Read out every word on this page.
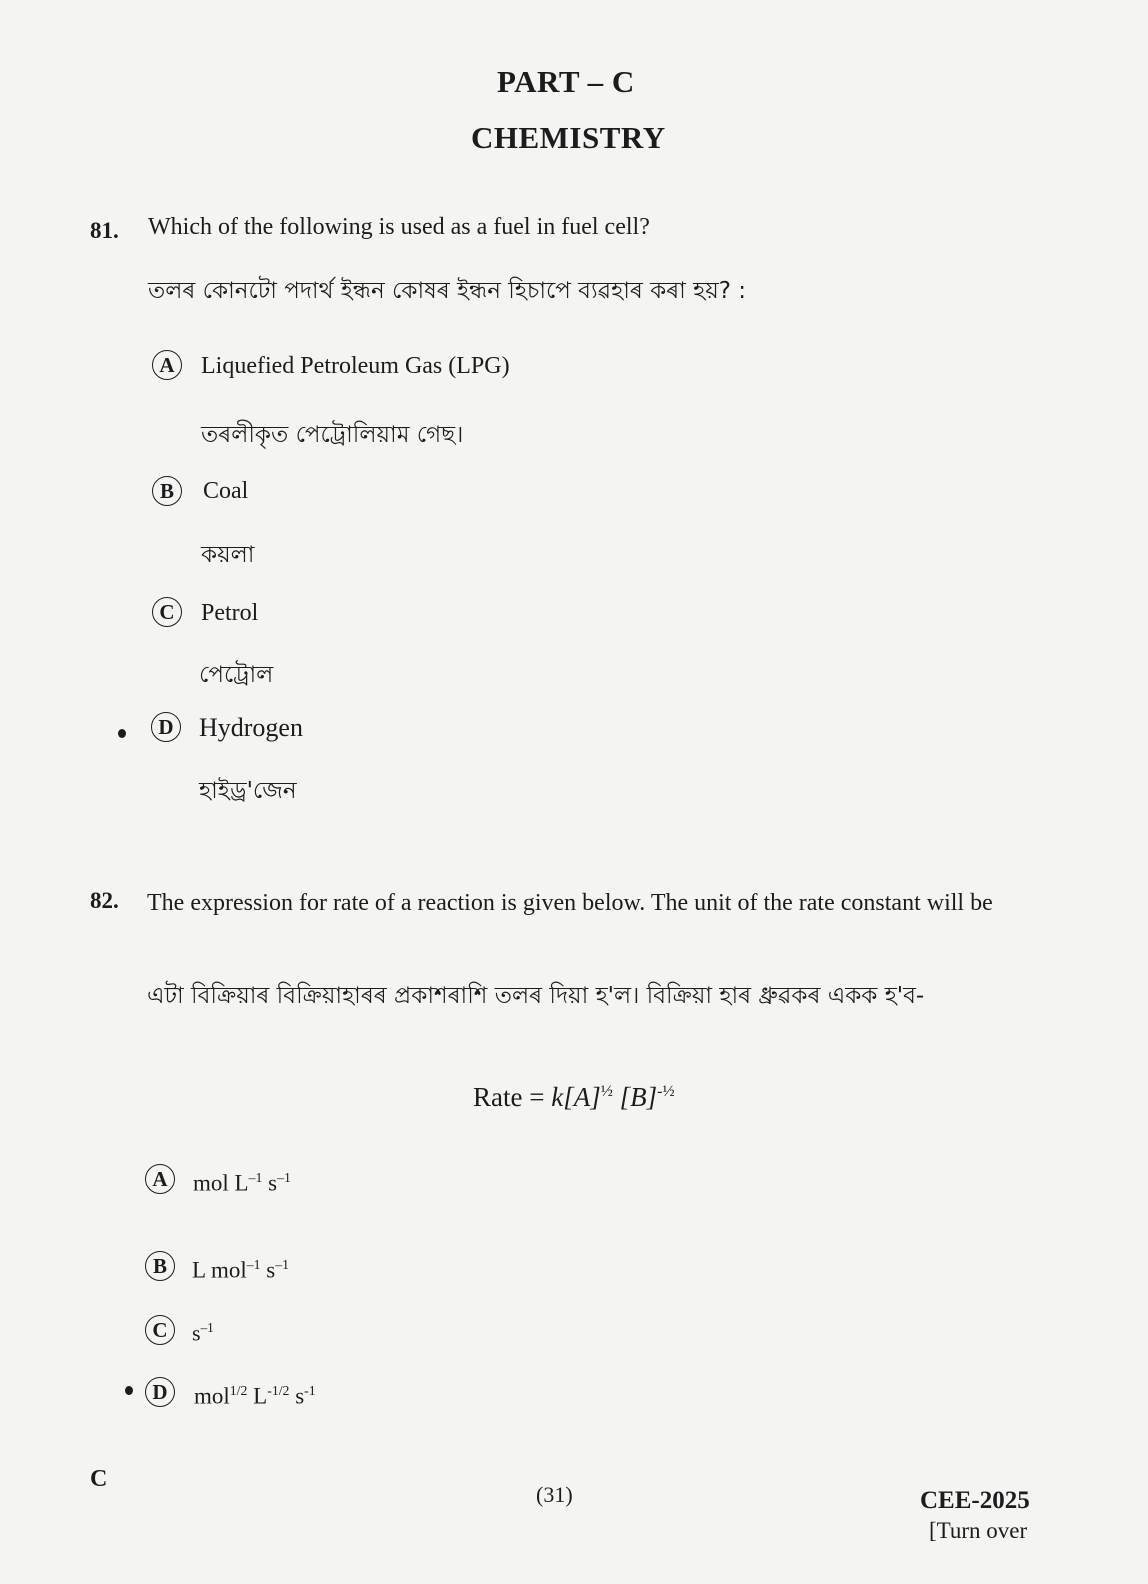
PART – C
CHEMISTRY
81. Which of the following is used as a fuel in fuel cell?
তলৰ কোনটো পদাৰ্থ ইন্ধন কোষৰ ইন্ধন হিচাপে ব্যৱহাৰ কৰা হয়? :
A	Liquefied Petroleum Gas (LPG)
তৰলীকৃত পেট্ৰোলিয়াম গেছ।
B	Coal
কয়লা
C	Petrol
পেট্ৰোল
D Hydrogen
হাইড্ৰ'জেন
82. The expression for rate of a reaction is given below. The unit of the rate constant will be
এটা বিক্ৰিয়াৰ বিক্ৰিয়াহাৰৰ প্ৰকাশৰাশি তলৰ দিয়া হ'ল। বিক্ৰিয়া হাৰ ধ্ৰুৱকৰ একক হ'ব-
Rate = $k[A]^{\frac{1}{2}}$ $[B]^{-\frac{1}{2}}$
A	mol $L^{-1}$ $s^{-1}$
B	L mol$^{-1}$ $s^{-1}$
C	$s^{-1}$
D	mol$^{1/2}$ $L^{-1/2}$ $s^{-1}$
C
(31)	CEE-2025
[Turn over
